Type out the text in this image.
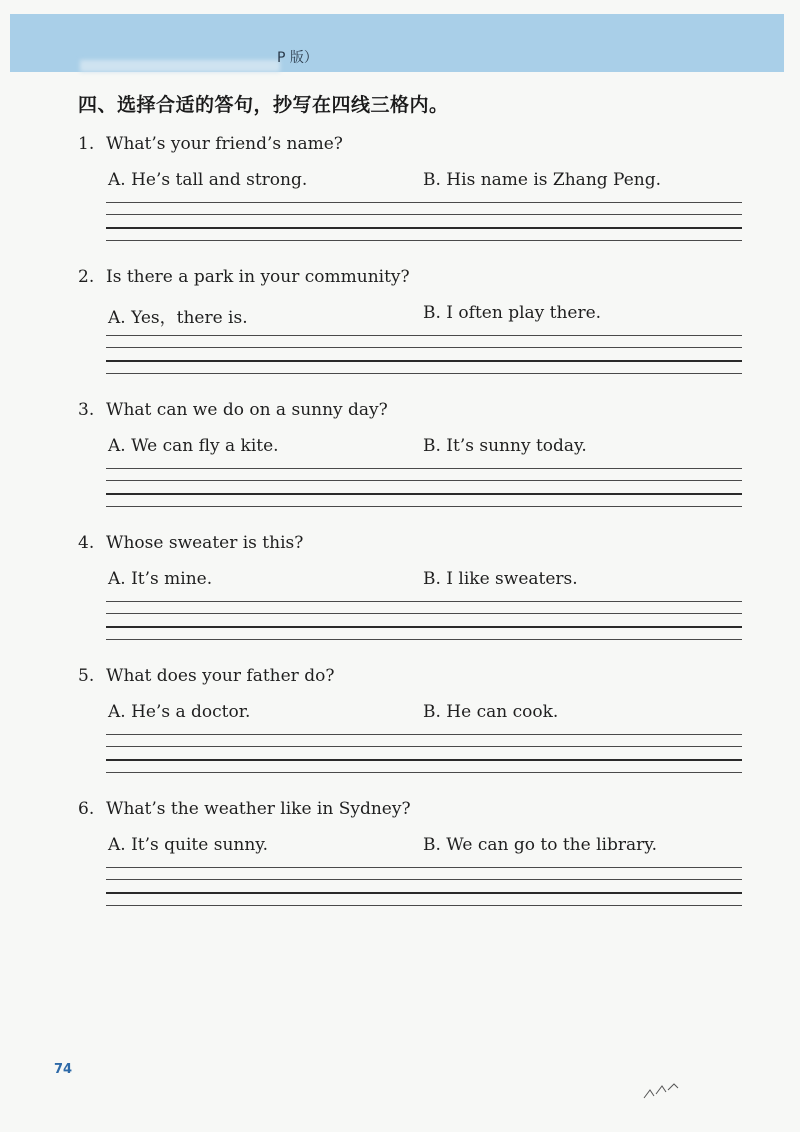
P 版）
四、选择合适的答句，抄写在四线三格内。
1. What’s your friend’s name?
A. He’s tall and strong.	B. His name is Zhang Peng.
2. Is there a park in your community?
A. Yes，there is.	B. I often play there.
3. What can we do on a sunny day?
A. We can fly a kite.	B. It’s sunny today.
4. Whose sweater is this?
A. It’s mine.	B. I like sweaters.
5. What does your father do?
A. He’s a doctor.	B. He can cook.
6. What’s the weather like in Sydney?
A. It’s quite sunny.	B. We can go to the library.
74
